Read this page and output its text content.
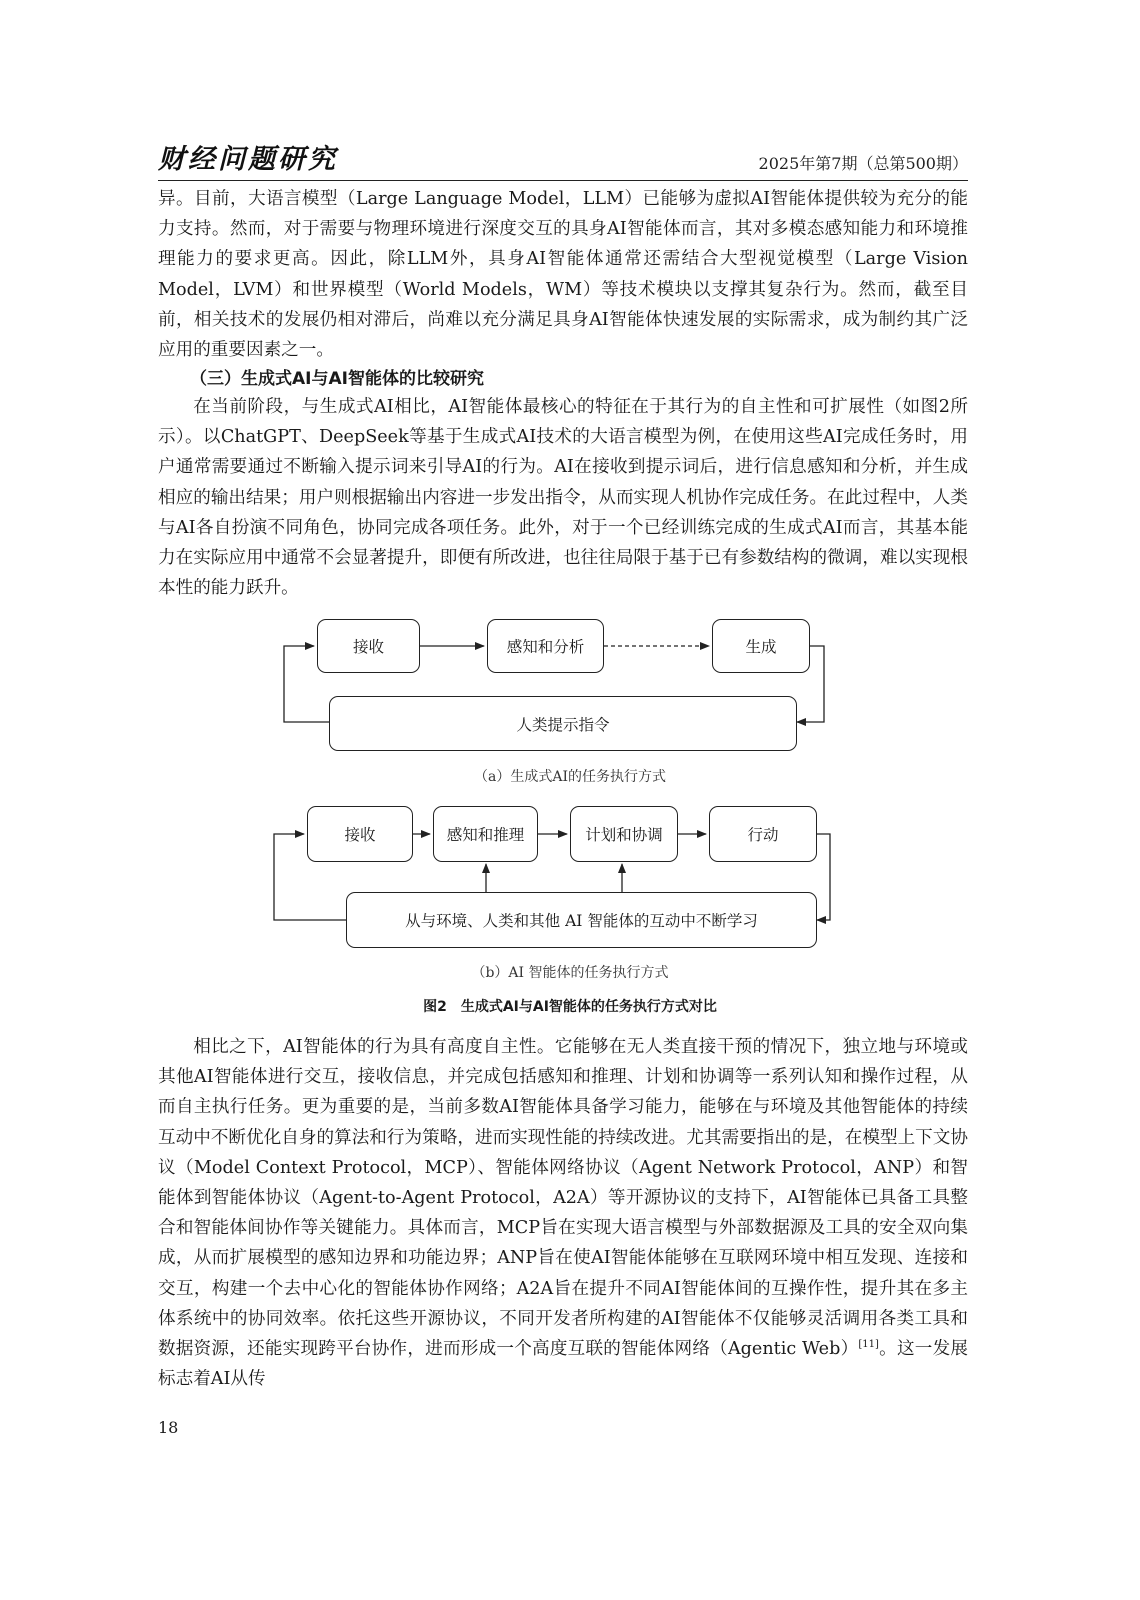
财经问题研究	2025年第7期（总第500期）

异。目前，大语言模型（Large Language Model，LLM）已能够为虚拟AI智能体提供较为充分的能力支持。然而，对于需要与物理环境进行深度交互的具身AI智能体而言，其对多模态感知能力和环境推理能力的要求更高。因此，除LLM外，具身AI智能体通常还需结合大型视觉模型（Large Vision Model，LVM）和世界模型（World Models，WM）等技术模块以支撑其复杂行为。然而，截至目前，相关技术的发展仍相对滞后，尚难以充分满足具身AI智能体快速发展的实际需求，成为制约其广泛应用的重要因素之一。

（三）生成式AI与AI智能体的比较研究

在当前阶段，与生成式AI相比，AI智能体最核心的特征在于其行为的自主性和可扩展性（如图2所示）。以ChatGPT、DeepSeek等基于生成式AI技术的大语言模型为例，在使用这些AI完成任务时，用户通常需要通过不断输入提示词来引导AI的行为。AI在接收到提示词后，进行信息感知和分析，并生成相应的输出结果；用户则根据输出内容进一步发出指令，从而实现人机协作完成任务。在此过程中，人类与AI各自扮演不同角色，协同完成各项任务。此外，对于一个已经训练完成的生成式AI而言，其基本能力在实际应用中通常不会显著提升，即便有所改进，也往往局限于基于已有参数结构的微调，难以实现根本性的能力跃升。

接收	感知和分析	生成
人类提示指令
（a）生成式AI的任务执行方式
接收	感知和推理	计划和协调	行动
从与环境、人类和其他 AI 智能体的互动中不断学习
（b）AI 智能体的任务执行方式
图2　生成式AI与AI智能体的任务执行方式对比

相比之下，AI智能体的行为具有高度自主性。它能够在无人类直接干预的情况下，独立地与环境或其他AI智能体进行交互，接收信息，并完成包括感知和推理、计划和协调等一系列认知和操作过程，从而自主执行任务。更为重要的是，当前多数AI智能体具备学习能力，能够在与环境及其他智能体的持续互动中不断优化自身的算法和行为策略，进而实现性能的持续改进。尤其需要指出的是，在模型上下文协议（Model Context Protocol，MCP）、智能体网络协议（Agent Network Protocol，ANP）和智能体到智能体协议（Agent-to-Agent Protocol，A2A）等开源协议的支持下，AI智能体已具备工具整合和智能体间协作等关键能力。具体而言，MCP旨在实现大语言模型与外部数据源及工具的安全双向集成，从而扩展模型的感知边界和功能边界；ANP旨在使AI智能体能够在互联网环境中相互发现、连接和交互，构建一个去中心化的智能体协作网络；A2A旨在提升不同AI智能体间的互操作性，提升其在多主体系统中的协同效率。依托这些开源协议，不同开发者所构建的AI智能体不仅能够灵活调用各类工具和数据资源，还能实现跨平台协作，进而形成一个高度互联的智能体网络（Agentic Web）[11]。这一发展标志着AI从传

18
